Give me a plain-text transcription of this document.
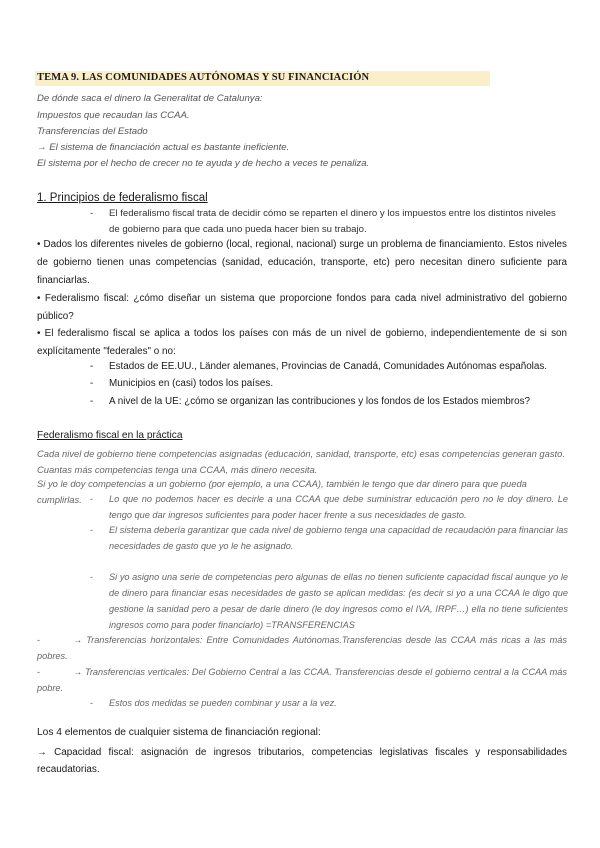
TEMA 9. LAS COMUNIDADES AUTÓNOMAS Y SU FINANCIACIÓN
De dónde saca el dinero la Generalitat de Catalunya:
Impuestos que recaudan las CCAA.
Transferencias del Estado
→ El sistema de financiación actual es bastante ineficiente.
El sistema por el hecho de crecer no te ayuda y de hecho a veces te penaliza.
1. Principios de federalismo fiscal
- El federalismo fiscal trata de decidir cómo se reparten el dinero y los impuestos entre los distintos niveles de gobierno para que cada uno pueda hacer bien su trabajo.
• Dados los diferentes niveles de gobierno (local, regional, nacional) surge un problema de financiamiento. Estos niveles de gobierno tienen unas competencias (sanidad, educación, transporte, etc) pero necesitan dinero suficiente para financiarlas.
• Federalismo fiscal: ¿cómo diseñar un sistema que proporcione fondos para cada nivel administrativo del gobierno público?
• El federalismo fiscal se aplica a todos los países con más de un nivel de gobierno, independientemente de si son explícitamente "federales" o no:
- Estados de EE.UU., Länder alemanes, Provincias de Canadá, Comunidades Autónomas españolas.
- Municipios en (casi) todos los países.
- A nivel de la UE: ¿cómo se organizan las contribuciones y los fondos de los Estados miembros?
Federalismo fiscal en la práctica
Cada nivel de gobierno tiene competencias asignadas (educación, sanidad, transporte, etc) esas competencias generan gasto. Cuantas más competencias tenga una CCAA, más dinero necesita.
Si yo le doy competencias a un gobierno (por ejemplo, a una CCAA), también le tengo que dar dinero para que pueda cumplirlas. - Lo que no podemos hacer es decirle a una CCAA que debe suministrar educación pero no le doy dinero. Le tengo que dar ingresos suficientes para poder hacer frente a sus necesidades de gasto.
- El sistema debería garantizar que cada nivel de gobierno tenga una capacidad de recaudación para financiar las necesidades de gasto que yo le he asignado.
- Si yo asigno una serie de competencias pero algunas de ellas no tienen suficiente capacidad fiscal aunque yo le de dinero para financiar esas necesidades de gasto se aplican medidas: (es decir si yo a una CCAA le digo que gestione la sanidad pero a pesar de darle dinero (le doy ingresos como el IVA, IRPF…) ella no tiene suficientes ingresos como para poder financiarlo) =TRANSFERENCIAS
-	→ Transferencias horizontales: Entre Comunidades Autónomas.Transferencias desde las CCAA más ricas a las más pobres.
-	→ Transferencias verticales: Del Gobierno Central a las CCAA. Transferencias desde el gobierno central a la CCAA más pobre.
- Estos dos medidas se pueden combinar y usar a la vez.
Los 4 elementos de cualquier sistema de financiación regional:
→ Capacidad fiscal: asignación de ingresos tributarios, competencias legislativas fiscales y responsabilidades recaudatorias.
